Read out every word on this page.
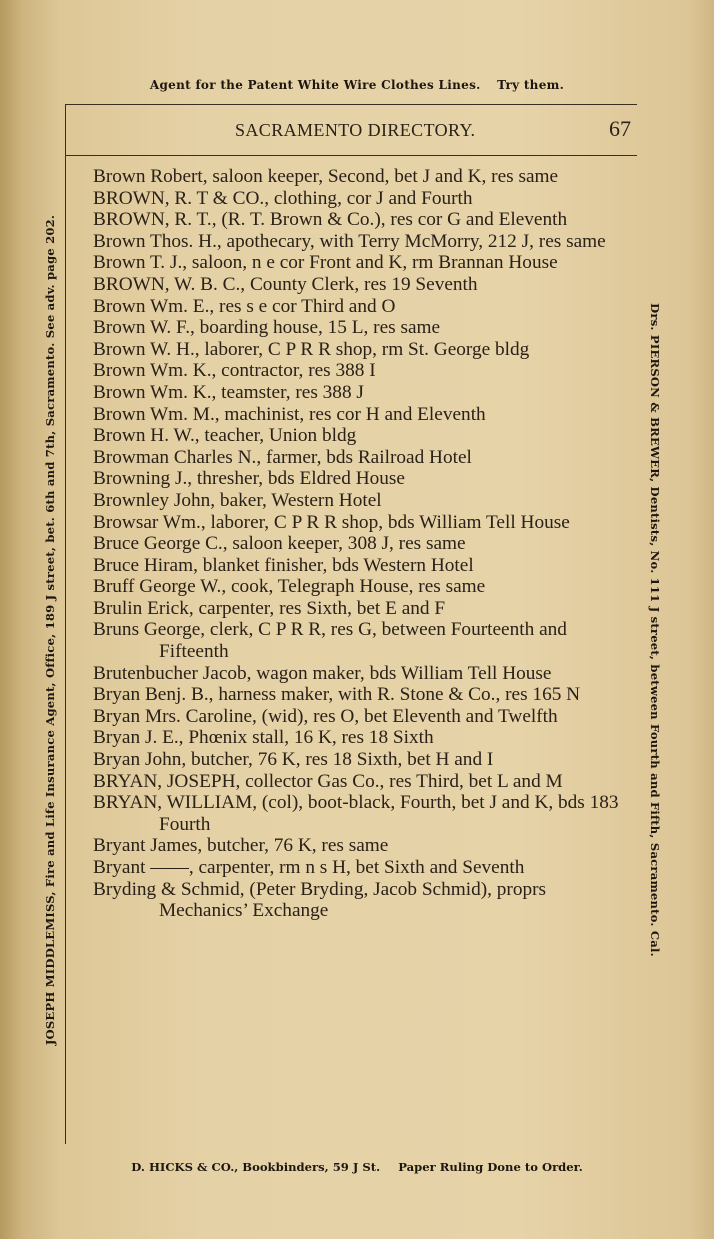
Agent for the Patent White Wire Clothes Lines. Try them.
SACRAMENTO DIRECTORY.	67
JOSEPH MIDDLEMISS, Fire and Life Insurance Agent, Office, 189 J street, bet. 6th and 7th, Sacramento. See adv. page 202.	Drs. PIERSON & BREWER, Dentists, No. 111 J street, between Fourth and Fifth, Sacramento. Cal.
Brown Robert, saloon keeper, Second, bet J and K, res same
BROWN, R. T & CO., clothing, cor J and Fourth
BROWN, R. T., (R. T. Brown & Co.), res cor G and Eleventh
Brown Thos. H., apothecary, with Terry McMorry, 212 J, res same
Brown T. J., saloon, n e cor Front and K, rm Brannan House
BROWN, W. B. C., County Clerk, res 19 Seventh
Brown Wm. E., res s e cor Third and O
Brown W. F., boarding house, 15 L, res same
Brown W. H., laborer, C P R R shop, rm St. George bldg
Brown Wm. K., contractor, res 388 I
Brown Wm. K., teamster, res 388 J
Brown Wm. M., machinist, res cor H and Eleventh
Brown H. W., teacher, Union bldg
Browman Charles N., farmer, bds Railroad Hotel
Browning J., thresher, bds Eldred House
Brownley John, baker, Western Hotel
Browsar Wm., laborer, C P R R shop, bds William Tell House
Bruce George C., saloon keeper, 308 J, res same
Bruce Hiram, blanket finisher, bds Western Hotel
Bruff George W., cook, Telegraph House, res same
Brulin Erick, carpenter, res Sixth, bet E and F
Bruns George, clerk, C P R R, res G, between Fourteenth and Fifteenth
Brutenbucher Jacob, wagon maker, bds William Tell House
Bryan Benj. B., harness maker, with R. Stone & Co., res 165 N
Bryan Mrs. Caroline, (wid), res O, bet Eleventh and Twelfth
Bryan J. E., Phœnix stall, 16 K, res 18 Sixth
Bryan John, butcher, 76 K, res 18 Sixth, bet H and I
BRYAN, JOSEPH, collector Gas Co., res Third, bet L and M
BRYAN, WILLIAM, (col), boot-black, Fourth, bet J and K, bds 183 Fourth
Bryant James, butcher, 76 K, res same
Bryant ——, carpenter, rm n s H, bet Sixth and Seventh
Bryding & Schmid, (Peter Bryding, Jacob Schmid), proprs Mechanics’ Exchange
D. HICKS & CO., Bookbinders, 59 J St. Paper Ruling Done to Order.
